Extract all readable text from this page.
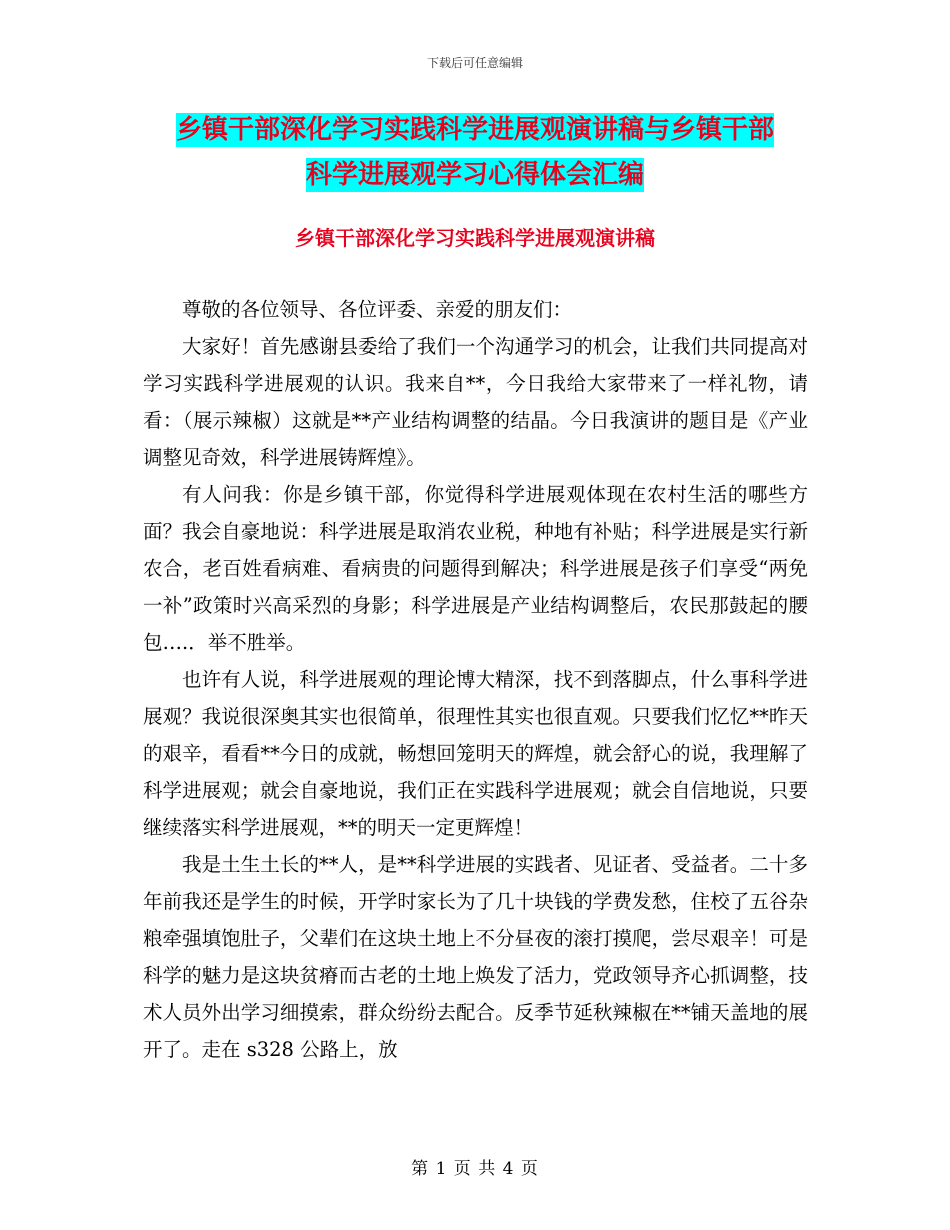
下载后可任意编辑
乡镇干部深化学习实践科学进展观演讲稿与乡镇干部
科学进展观学习心得体会汇编
乡镇干部深化学习实践科学进展观演讲稿

尊敬的各位领导、各位评委、亲爱的朋友们：

大家好！首先感谢县委给了我们一个沟通学习的机会，让我们共同提高对学习实践科学进展观的认识。我来自**，今日我给大家带来了一样礼物，请看：（展示辣椒）这就是**产业结构调整的结晶。今日我演讲的题目是《产业调整见奇效，科学进展铸辉煌》。

有人问我：你是乡镇干部，你觉得科学进展观体现在农村生活的哪些方面？我会自豪地说：科学进展是取消农业税，种地有补贴；科学进展是实行新农合，老百姓看病难、看病贵的问题得到解决；科学进展是孩子们享受“两免一补”政策时兴高采烈的身影；科学进展是产业结构调整后，农民那鼓起的腰包….．举不胜举。

也许有人说，科学进展观的理论博大精深，找不到落脚点，什么事科学进展观？我说很深奥其实也很简单，很理性其实也很直观。只要我们忆忆**昨天的艰辛，看看**今日的成就，畅想回笼明天的辉煌，就会舒心的说，我理解了科学进展观；就会自豪地说，我们正在实践科学进展观；就会自信地说，只要继续落实科学进展观，**的明天一定更辉煌！

我是土生土长的**人，是**科学进展的实践者、见证者、受益者。二十多年前我还是学生的时候，开学时家长为了几十块钱的学费发愁，住校了五谷杂粮牵强填饱肚子，父辈们在这块土地上不分昼夜的滚打摸爬，尝尽艰辛！可是科学的魅力是这块贫瘠而古老的土地上焕发了活力，党政领导齐心抓调整，技术人员外出学习细摸索，群众纷纷去配合。反季节延秋辣椒在**铺天盖地的展开了。走在 s328 公路上，放

第 1 页 共 4 页
